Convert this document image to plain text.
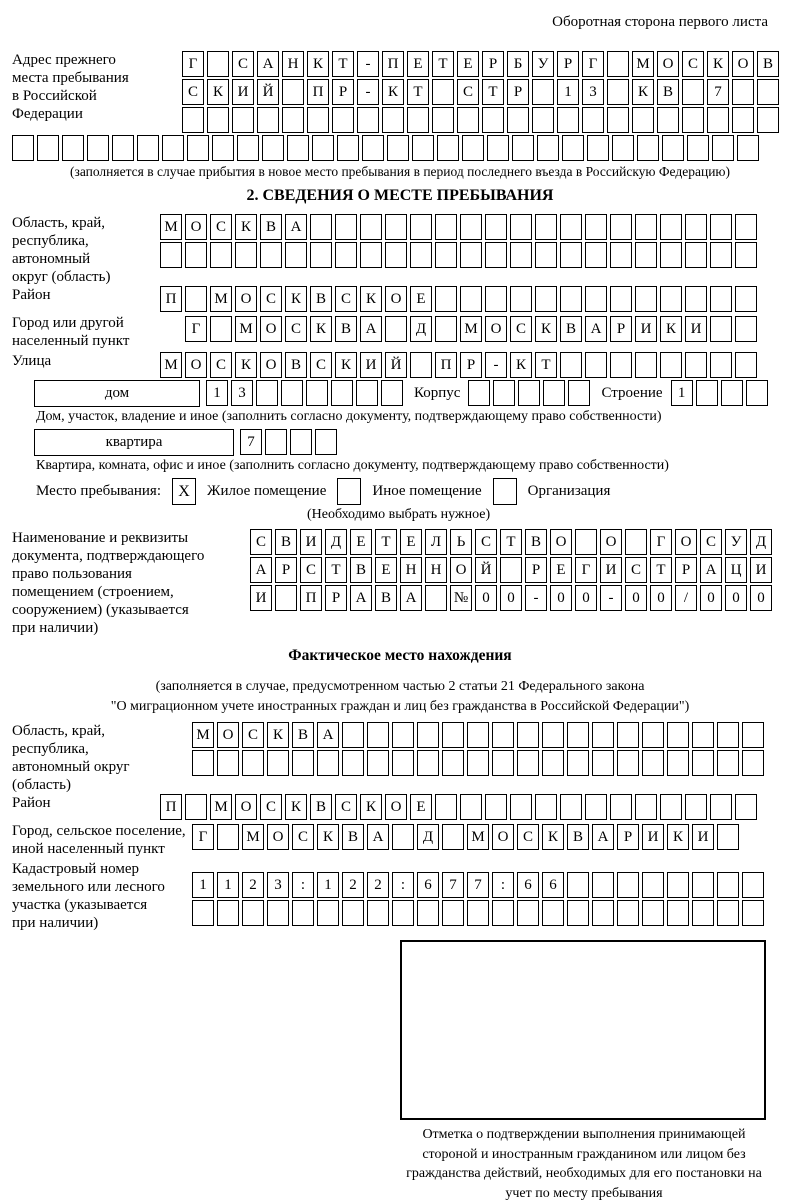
Оборотная сторона первого листа
Адрес прежнего
места пребывания
в Российской
Федерации
Г	С А Н К	Т	-	П Е	Т	Е	Р	Б	У	Р	Г	М О С К О В
С К И Й	П	Р	-	К	Т	С	Т	Р	1	3	К В	7
(заполняется в случае прибытия в новое место пребывания в период последнего въезда в Российскую Федерацию)
2. СВЕДЕНИЯ О МЕСТЕ ПРЕБЫВАНИЯ
Область, край,
республика,
автономный
округ (область)
М О С К В А
Район	П	М О С К В С К О Е
Город или другой
населенный пункт
Г	М О С К В А	Д	М О С К В А	Р	И К И
Улица	М О С К О В С К И Й	П	Р	-	К	Т
дом	1	3	Корпус	Строение	1
Дом, участок, владение и иное (заполнить согласно документу, подтверждающему право собственности)
квартира	7
Квартира, комната, офис и иное (заполнить согласно документу, подтверждающему право собственности)
Место пребывания:	X	Жилое помещение	Иное помещение	Организация
(Необходимо выбрать нужное)
Наименование и реквизиты
документа, подтверждающего
право пользования
помещением (строением,
сооружением) (указывается
при наличии)
С В И Д	Е	Т	Е	Л	Ь	С	Т	В О	О	Г	О С У Д
А	Р	С	Т	В	Е	Н Н О Й	Р	Е	Г	И С	Т	Р	А Ц И
И	П	Р	А В А	№ 0	0	-	0	0	-	0	0	/	0	0	0
Фактическое место нахождения
(заполняется в случае, предусмотренном частью 2 статьи 21 Федерального закона
"О миграционном учете иностранных граждан и лиц без гражданства в Российской Федерации")
Область, край,
республика,
автономный округ
(область)
М О С К В А
Район	П	М О С К В С К О Е
Город, сельское поселение,
иной населенный пункт
Г	М О С К В А	Д	М О С К В А	Р	И К И
Кадастровый номер
земельного или лесного
участка (указывается
при наличии)
1	1	2	3	:	1	2	2	:	6	7	7	:	6	6
Отметка о подтверждении выполнения принимающей стороной и иностранным гражданином или лицом без гражданства действий, необходимых для его постановки на учет по месту пребывания
